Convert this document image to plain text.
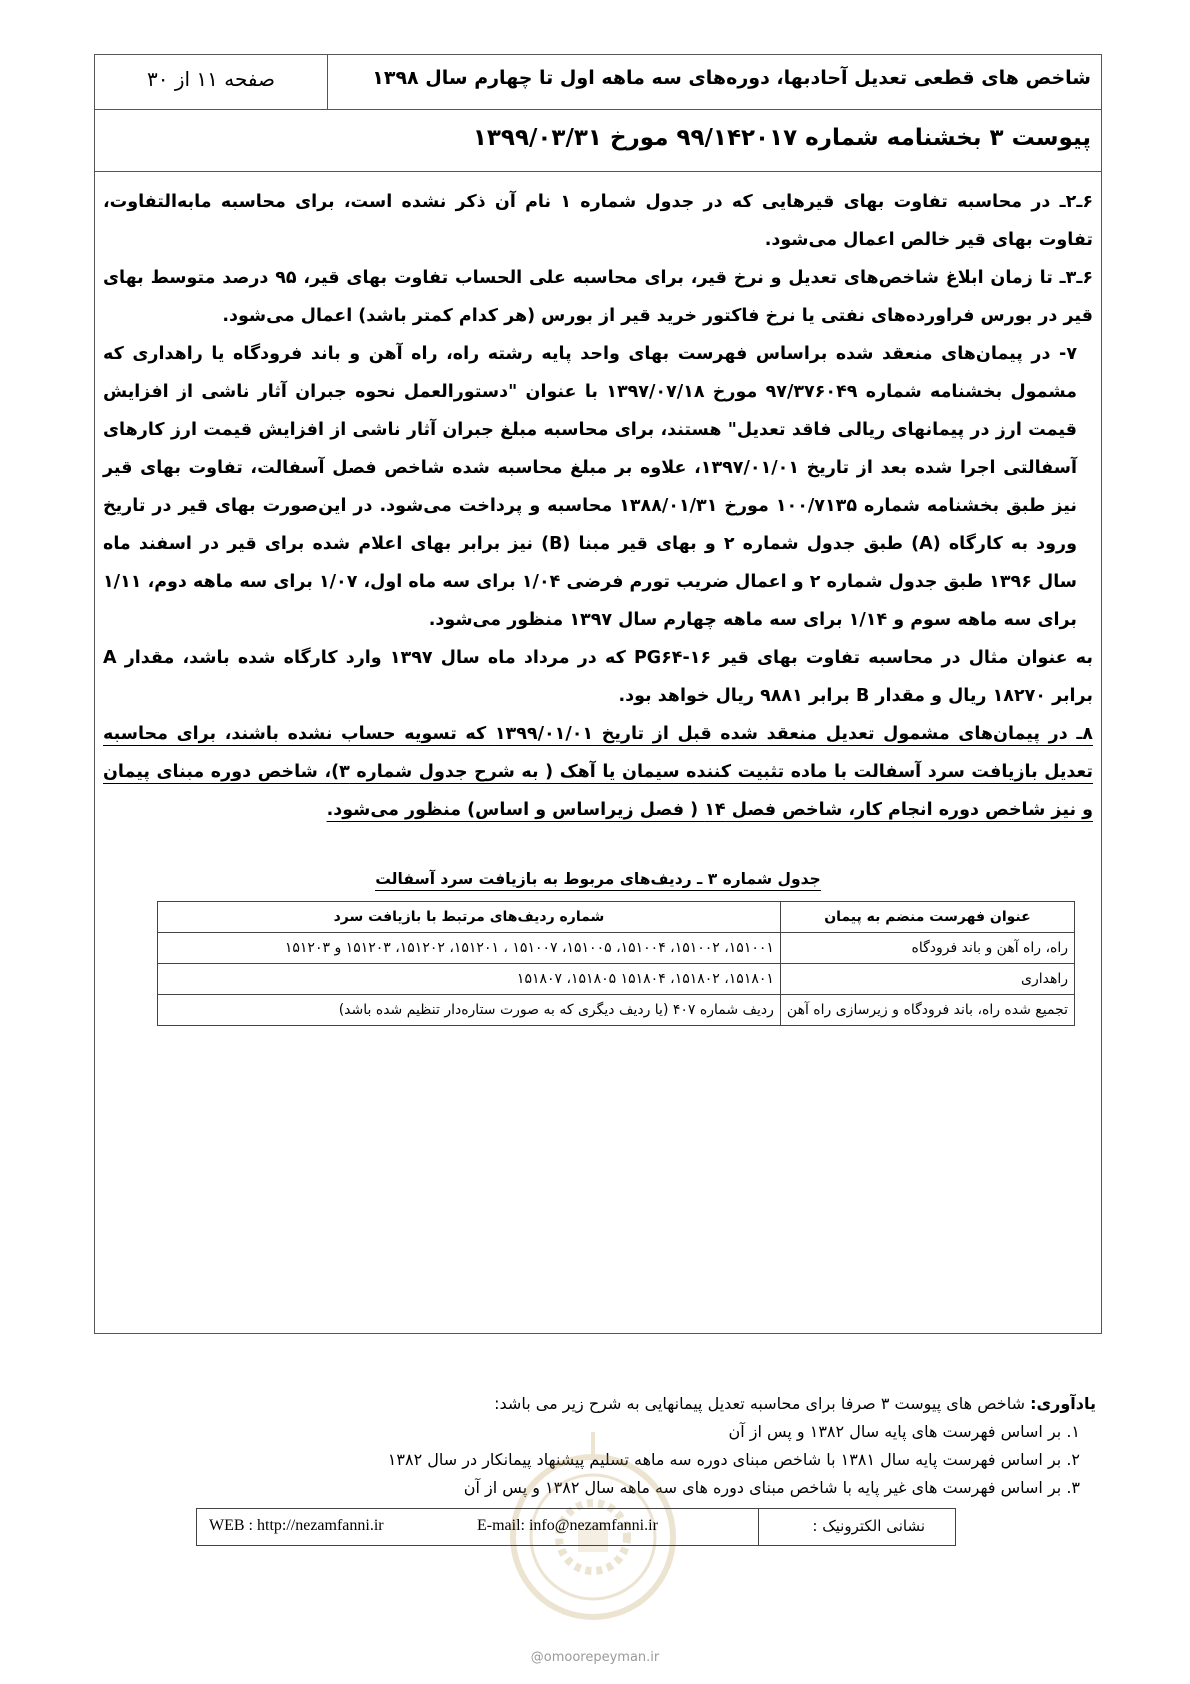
شاخص های قطعی تعدیل آحادبها، دوره‌های سه ماهه اول تا چهارم سال ۱۳۹۸
صفحه ۱۱ از ۳۰
پیوست ۳ بخشنامه شماره ۹۹/۱۴۲۰۱۷ مورخ ۱۳۹۹/۰۳/۳۱

۶ـ۲ـ در محاسبه تفاوت بهای قیرهایی که در جدول شماره ۱ نام آن ذکر نشده است، برای محاسبه مابه‌التفاوت، تفاوت بهای قیر خالص اعمال می‌شود.

۶ـ۳ـ تا زمان ابلاغ شاخص‌های تعدیل و نرخ قیر، برای محاسبه علی الحساب تفاوت بهای قیر، ۹۵ درصد متوسط بهای قیر در بورس فراورده‌های نفتی یا نرخ فاکتور خرید قیر از بورس (هر کدام کمتر باشد) اعمال می‌شود.

۷- در پیمان‌های منعقد شده براساس فهرست بهای واحد پایه رشته راه، راه آهن و باند فرودگاه یا راهداری که مشمول بخشنامه شماره ۹۷/۳۷۶۰۴۹ مورخ ۱۳۹۷/۰۷/۱۸ با عنوان "دستورالعمل نحوه جبران آثار ناشی از افزایش قیمت ارز در پیمانهای ریالی فاقد تعدیل" هستند، برای محاسبه مبلغ جبران آثار ناشی از افزایش قیمت ارز کارهای آسفالتی اجرا شده بعد از تاریخ ۱۳۹۷/۰۱/۰۱، علاوه بر مبلغ محاسبه شده شاخص فصل آسفالت، تفاوت بهای قیر نیز طبق بخشنامه شماره ۱۰۰/۷۱۳۵ مورخ ۱۳۸۸/۰۱/۳۱ محاسبه و پرداخت می‌شود. در این‌صورت بهای قیر در تاریخ ورود به کارگاه (A) طبق جدول شماره ۲ و بهای قیر مبنا (B) نیز برابر بهای اعلام شده برای قیر در اسفند ماه سال ۱۳۹۶ طبق جدول شماره ۲ و اعمال ضریب تورم فرضی ۱/۰۴ برای سه ماه اول، ۱/۰۷ برای سه ماهه دوم، ۱/۱۱ برای سه ماهه سوم و ۱/۱۴ برای سه ماهه چهارم سال ۱۳۹۷ منظور می‌شود.

به عنوان مثال در محاسبه تفاوت بهای قیر PG۶۴-۱۶ که در مرداد ماه سال ۱۳۹۷ وارد کارگاه شده باشد، مقدار A برابر ۱۸۲۷۰ ریال و مقدار B برابر ۹۸۸۱ ریال خواهد بود.

۸ـ در پیمان‌های مشمول تعدیل منعقد شده قبل از تاریخ ۱۳۹۹/۰۱/۰۱ که تسویه حساب نشده باشند، برای محاسبه تعدیل بازیافت سرد آسفالت با ماده تثبیت کننده سیمان یا آهک ( به شرح جدول شماره ۳)، شاخص دوره مبنای پیمان و نیز شاخص دوره انجام کار، شاخص فصل ۱۴ ( فصل زیراساس و اساس) منظور می‌شود.

جدول شماره ۳ ـ ردیف‌های مربوط به بازیافت سرد آسفالت
عنوان فهرست منضم به پیمان	شماره ردیف‌های مرتبط با بازیافت سرد
راه، راه آهن و باند فرودگاه	۱۵۱۰۰۱، ۱۵۱۰۰۲، ۱۵۱۰۰۴، ۱۵۱۰۰۵، ۱۵۱۰۰۷ ، ۱۵۱۲۰۱، ۱۵۱۲۰۲، ۱۵۱۲۰۳ و ۱۵۱۲۰۳
راهداری	۱۵۱۸۰۱، ۱۵۱۸۰۲، ۱۵۱۸۰۴ ۱۵۱۸۰۵، ۱۵۱۸۰۷
تجمیع شده راه، باند فرودگاه و زیرسازی راه آهن	ردیف شماره ۴۰۷ (یا ردیف دیگری که به صورت ستاره‌دار تنظیم شده باشد)
یادآوری: شاخص های پیوست ۳ صرفا برای محاسبه تعدیل پیمانهایی به شرح زیر می باشد:
۱. بر اساس فهرست های پایه سال ۱۳۸۲ و پس از آن
۲. بر اساس فهرست پایه سال ۱۳۸۱ با شاخص مبنای دوره سه ماهه تسلیم پیشنهاد پیمانکار در سال ۱۳۸۲
۳. بر اساس فهرست های غیر پایه با شاخص مبنای دوره های سه ماهه سال ۱۳۸۲ و پس از آن
نشانی الکترونیک :
E-mail: info@nezamfanni.ir
WEB : http://nezamfanni.ir
@omoorepeyman.ir
